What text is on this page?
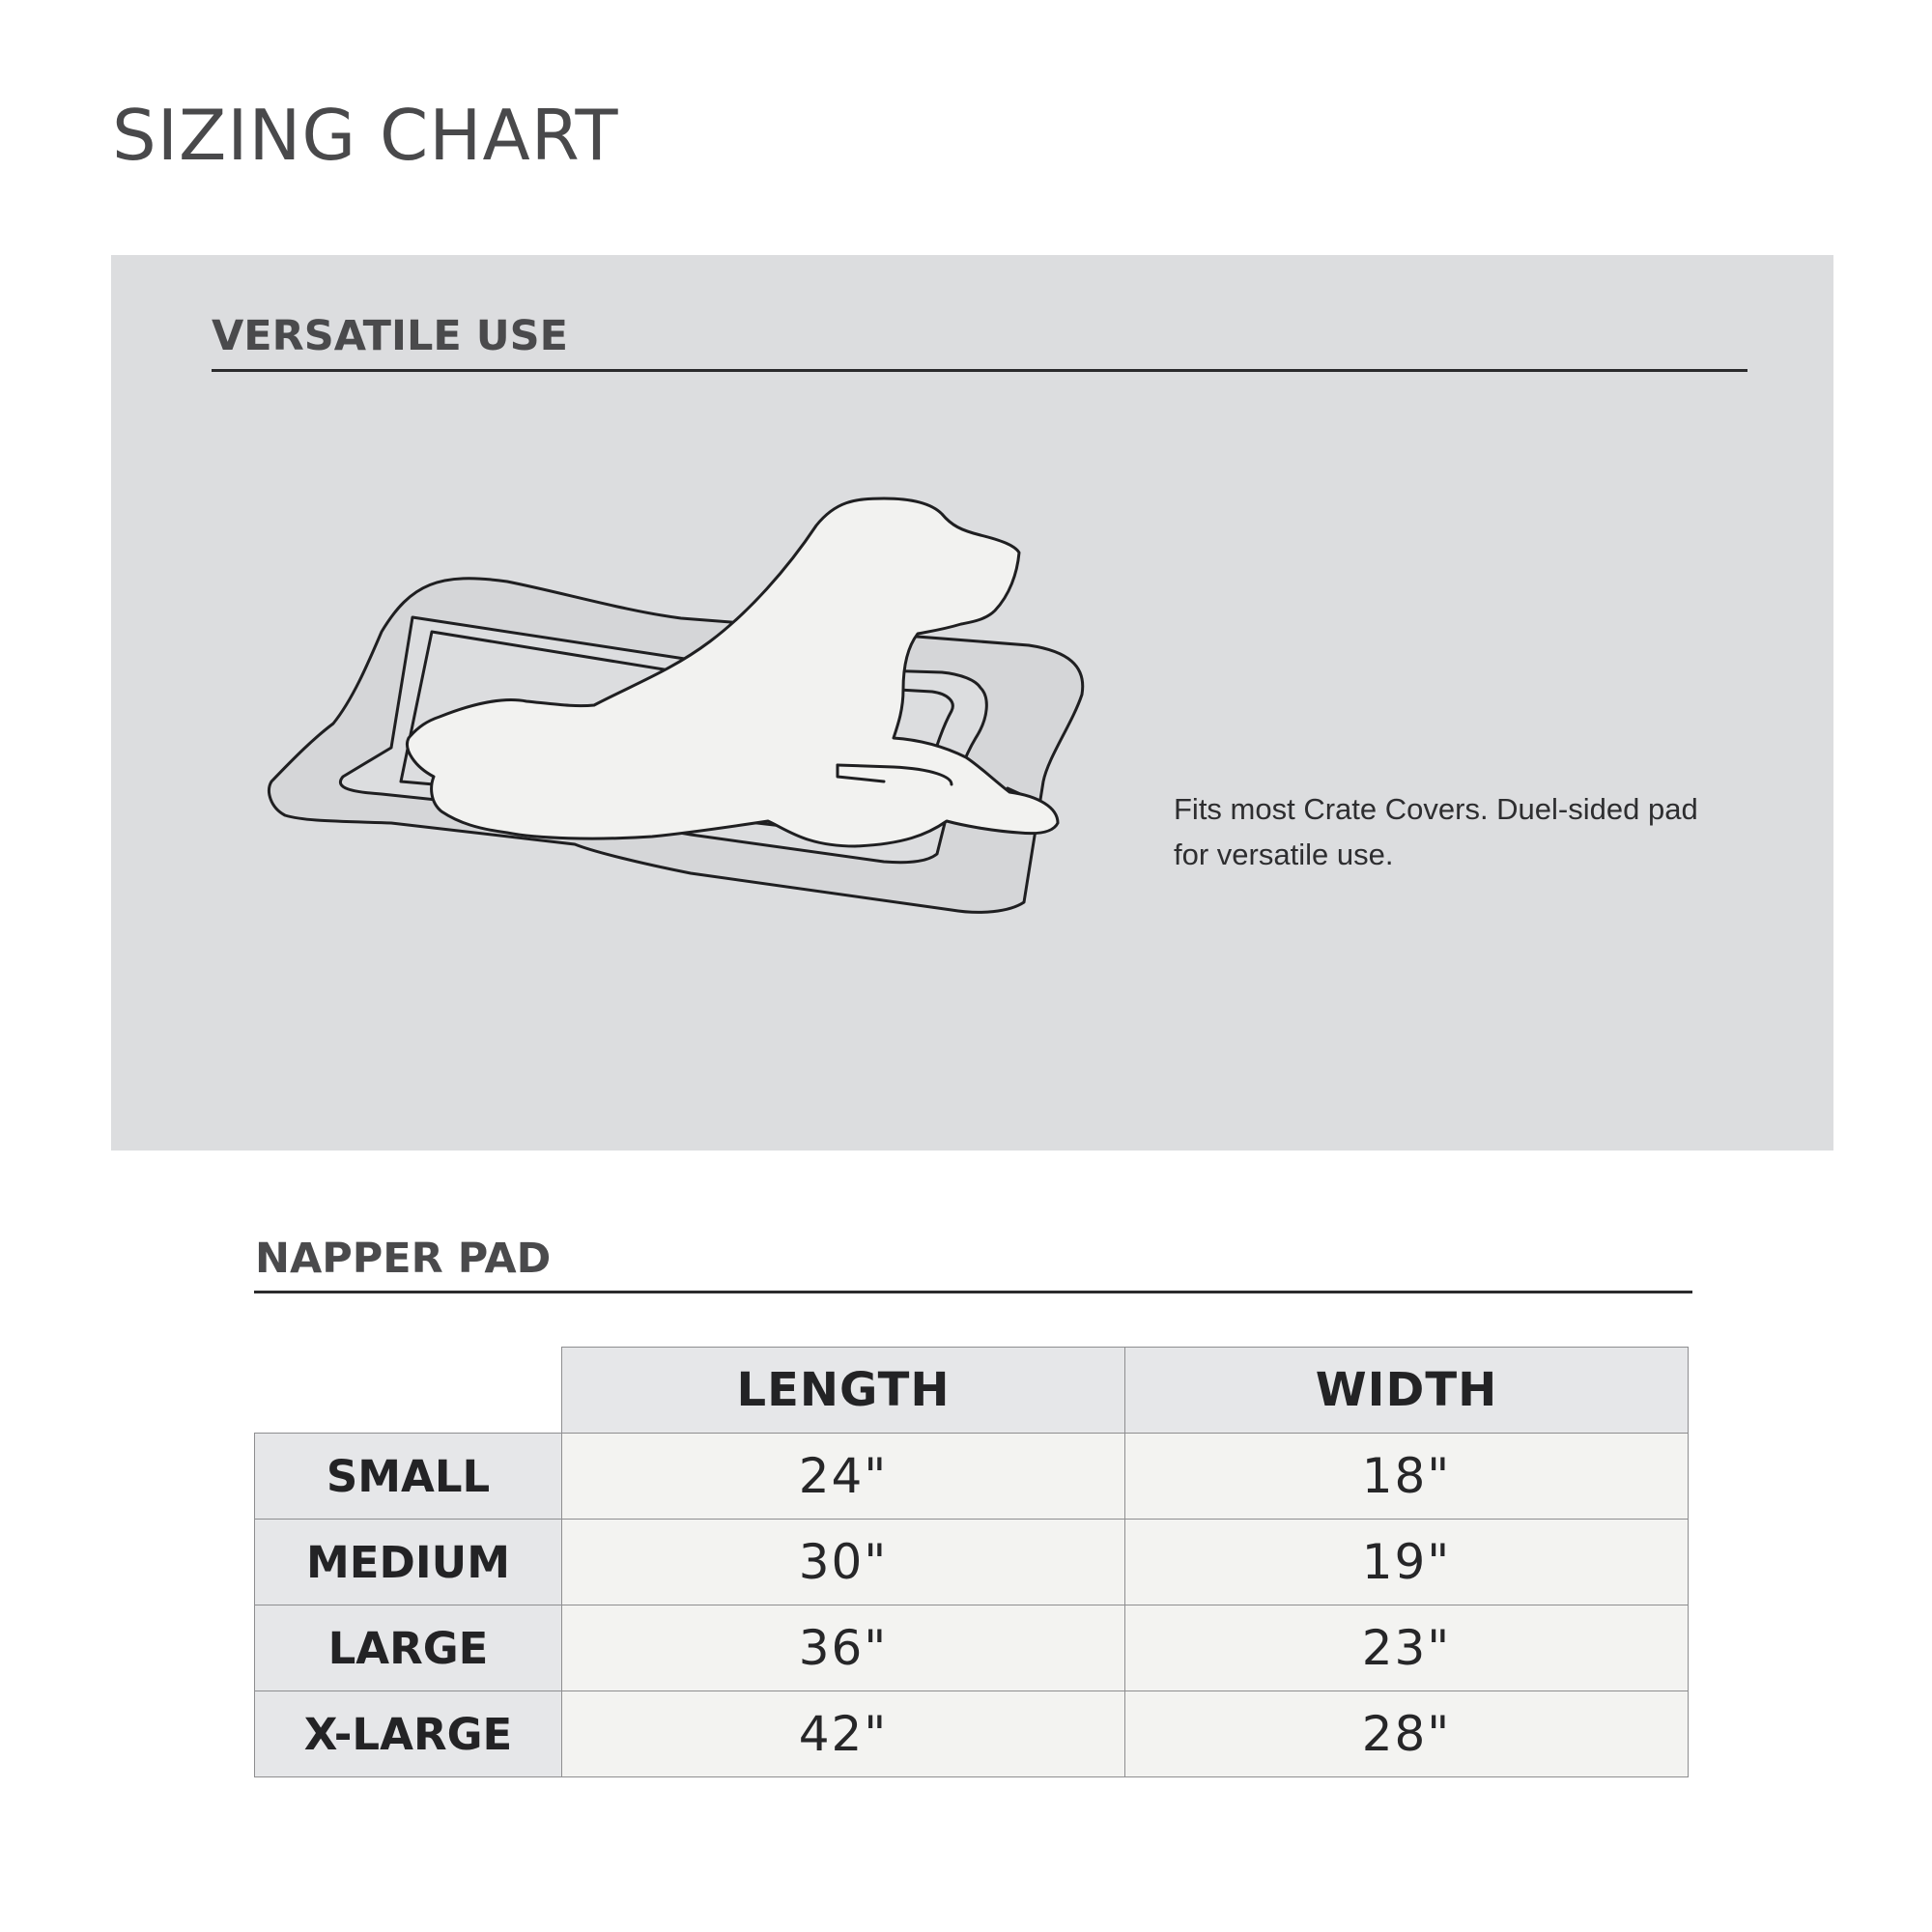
SIZING CHART
VERSATILE USE

Fits most Crate Covers. Duel-sided pad for versatile use.

NAPPER PAD
	LENGTH	WIDTH
SMALL	24"	18"
MEDIUM	30"	19"
LARGE	36"	23"
X-LARGE	42"	28"
